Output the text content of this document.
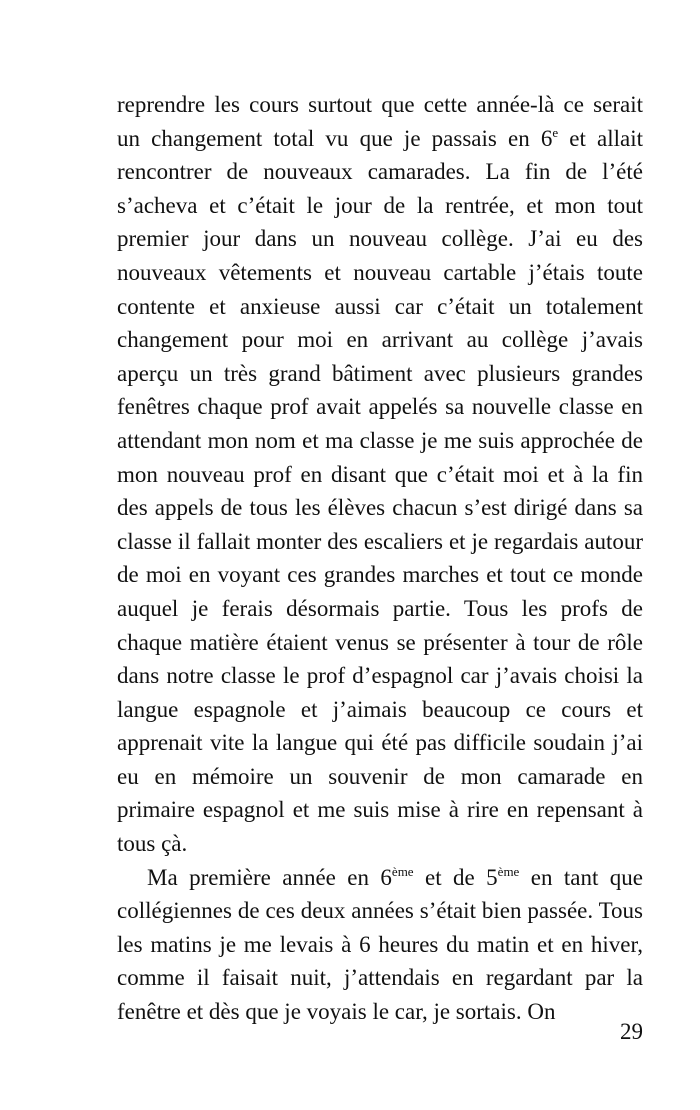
reprendre les cours surtout que cette année-là ce serait un changement total vu que je passais en 6e et allait rencontrer de nouveaux camarades. La fin de l’été s’acheva et c’était le jour de la rentrée, et mon tout premier jour dans un nouveau collège. J’ai eu des nouveaux vêtements et nouveau cartable j’étais toute contente et anxieuse aussi car c’était un totalement changement pour moi en arrivant au collège j’avais aperçu un très grand bâtiment avec plusieurs grandes fenêtres chaque prof avait appelés sa nouvelle classe en attendant mon nom et ma classe je me suis approchée de mon nouveau prof en disant que c’était moi et à la fin des appels de tous les élèves chacun s’est dirigé dans sa classe il fallait monter des escaliers et je regardais autour de moi en voyant ces grandes marches et tout ce monde auquel je ferais désormais partie. Tous les profs de chaque matière étaient venus se présenter à tour de rôle dans notre classe le prof d’espagnol car j’avais choisi la langue espagnole et j’aimais beaucoup ce cours et apprenait vite la langue qui été pas difficile soudain j’ai eu en mémoire un souvenir de mon camarade en primaire espagnol et me suis mise à rire en repensant à tous çà.

Ma première année en 6ème et de 5ème en tant que collégiennes de ces deux années s’était bien passée. Tous les matins je me levais à 6 heures du matin et en hiver, comme il faisait nuit, j’attendais en regardant par la fenêtre et dès que je voyais le car, je sortais. On

29
